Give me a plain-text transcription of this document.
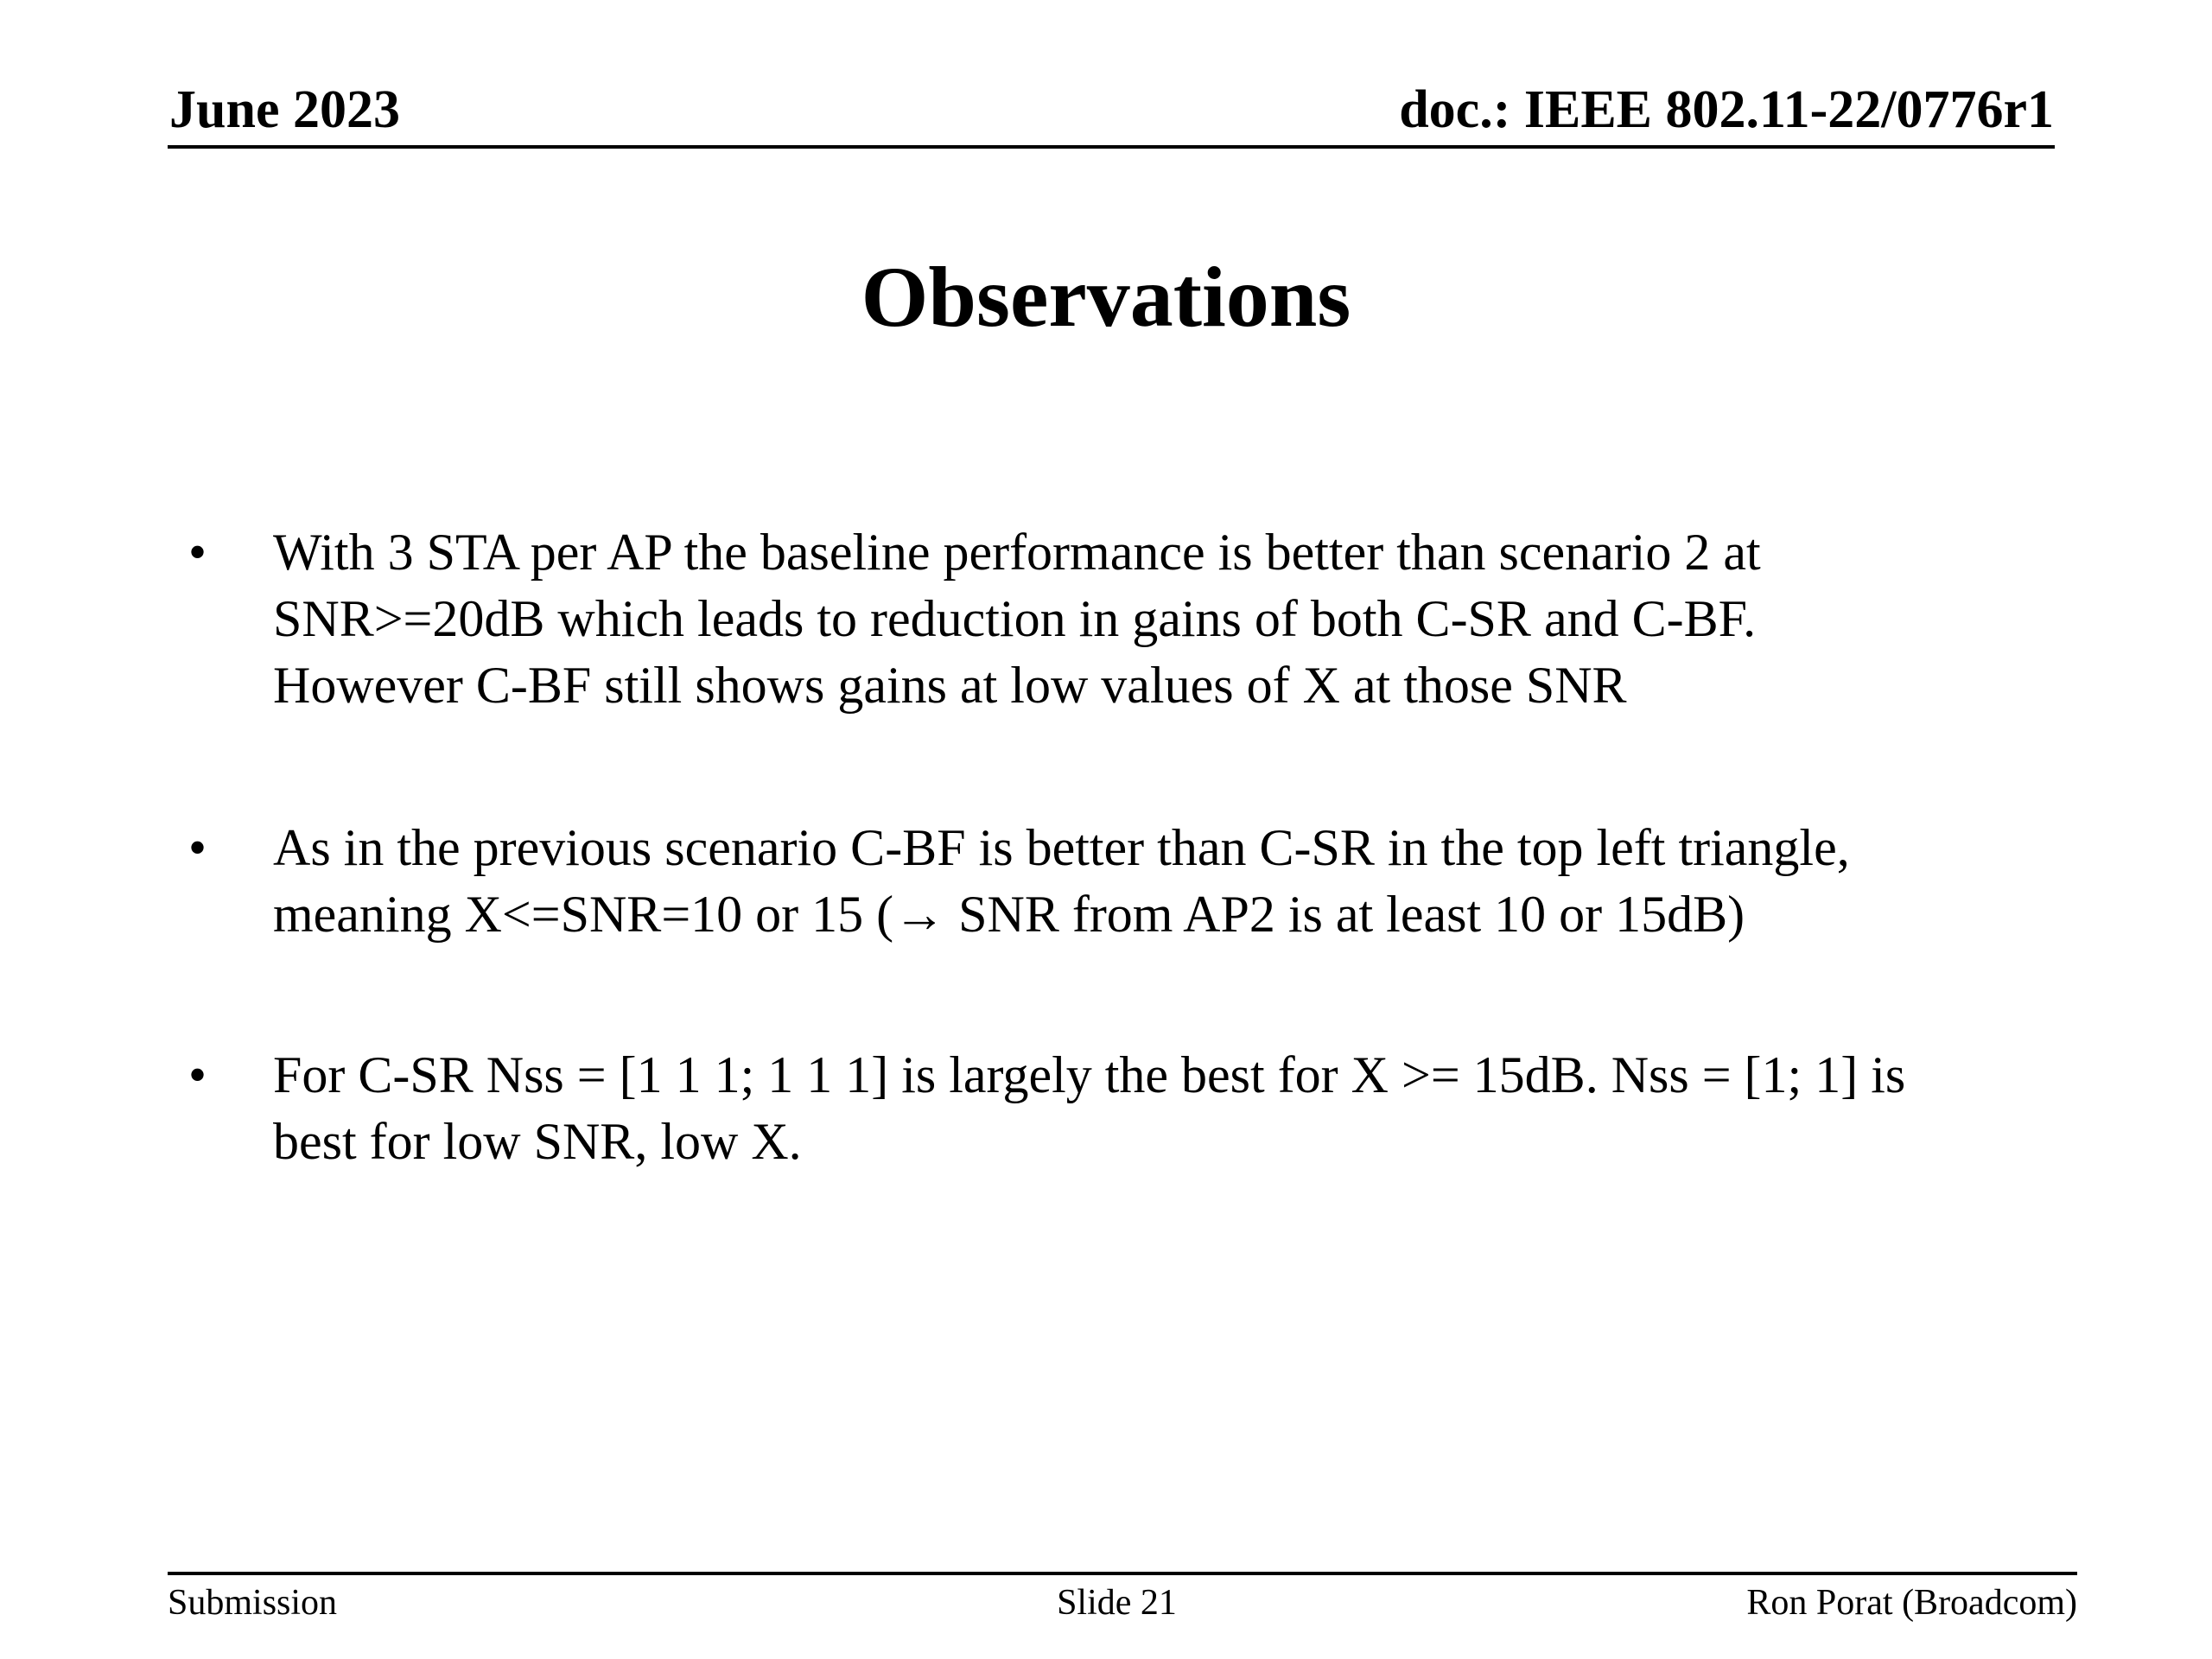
June 2023	doc.: IEEE 802.11-22/0776r1
Observations
• With 3 STA per AP the baseline performance is better than scenario 2 at
SNR>=20dB which leads to reduction in gains of both C-SR and C-BF.
However C-BF still shows gains at low values of X at those SNR
• As in the previous scenario C-BF is better than C-SR in the top left triangle,
meaning X<=SNR=10 or 15 (→ SNR from AP2 is at least 10 or 15dB)
• For C-SR Nss = [1 1 1; 1 1 1] is largely the best for X >= 15dB. Nss = [1; 1] is
best for low SNR, low X.
Submission	Slide 21	Ron Porat (Broadcom)
